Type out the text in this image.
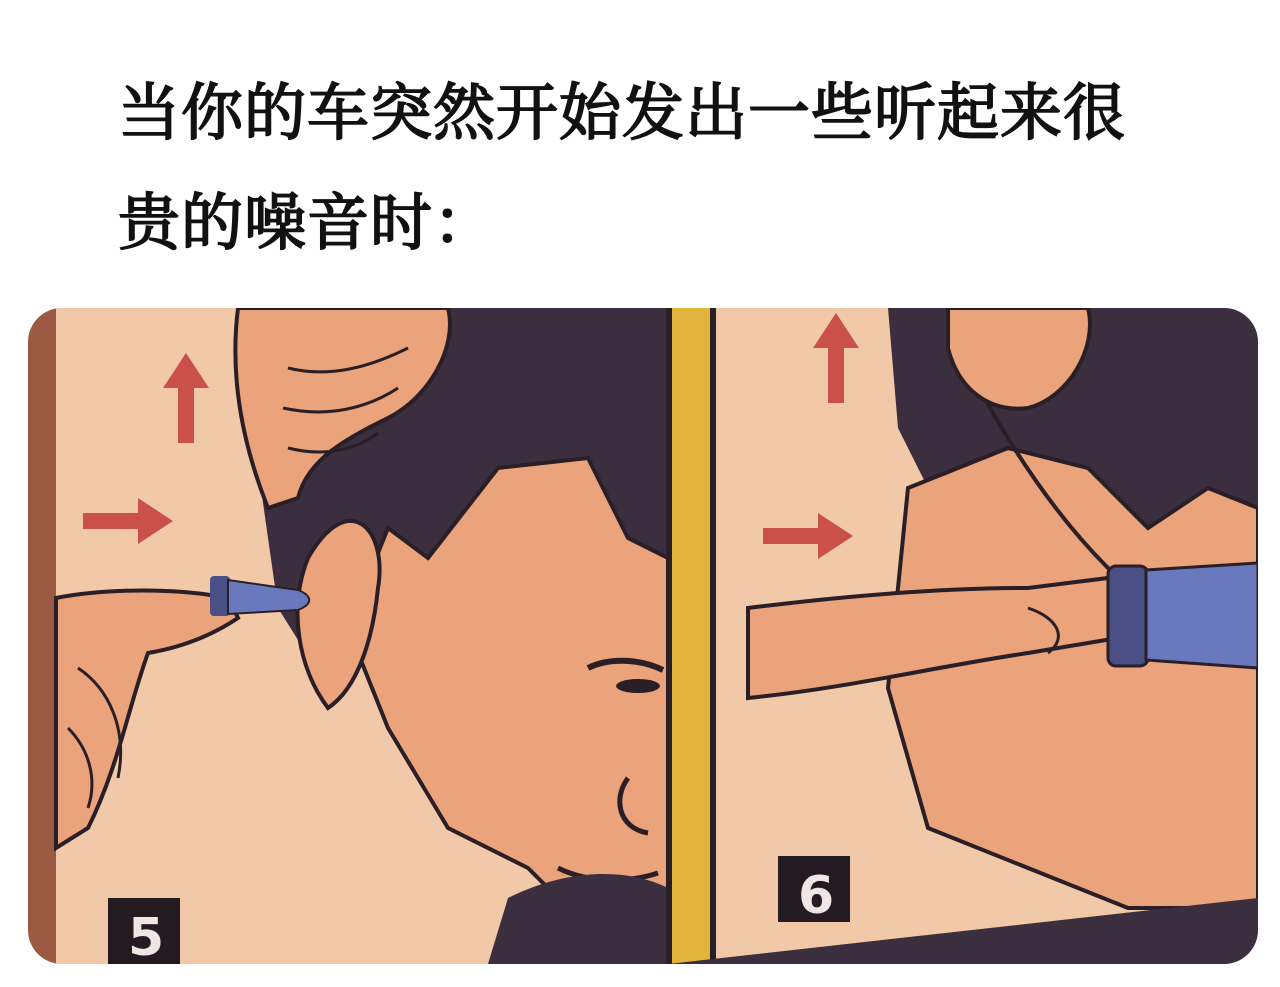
当你的车突然开始发出一些听起来很贵的噪音时：
5
6
